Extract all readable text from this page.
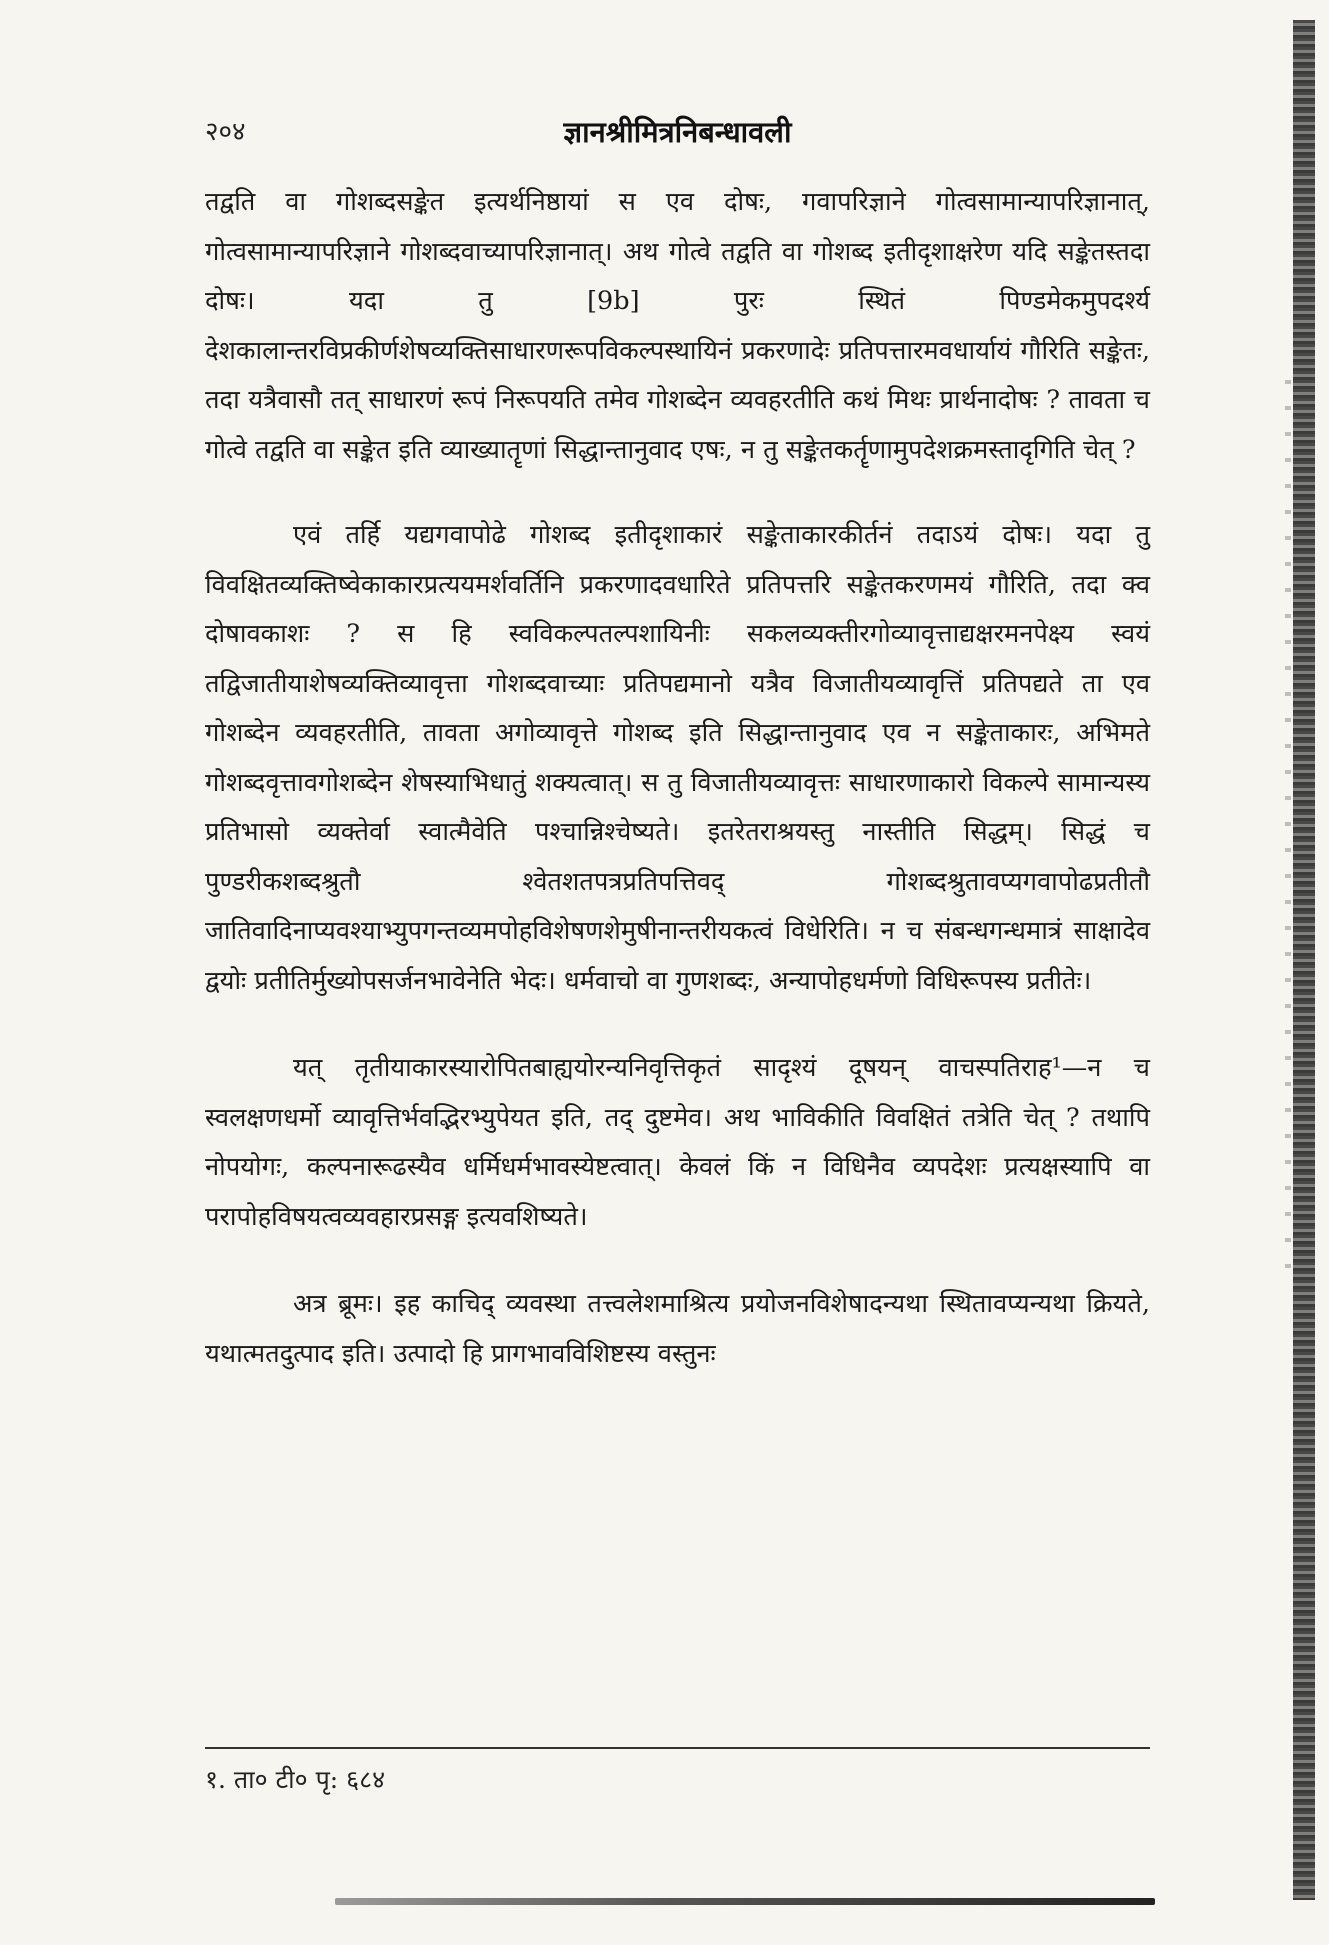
२०४	ज्ञानश्रीमित्रनिबन्धावली

तद्वति वा गोशब्दसङ्केत इत्यर्थनिष्ठायां स एव दोषः, गवापरिज्ञाने गोत्वसामान्यापरिज्ञानात्, गोत्वसामान्यापरिज्ञाने गोशब्दवाच्यापरिज्ञानात्। अथ गोत्वे तद्वति वा गोशब्द इतीदृशाक्षरेण यदि सङ्केतस्तदा दोषः। यदा तु [9b] पुरः स्थितं पिण्डमेकमुपदर्श्य देशकालान्तरविप्रकीर्णशेषव्यक्तिसाधारणरूपविकल्पस्थायिनं प्रकरणादेः प्रतिपत्तारमवधार्यायं गौरिति सङ्केतः, तदा यत्रैवासौ तत् साधारणं रूपं निरूपयति तमेव गोशब्देन व्यवहरतीति कथं मिथः प्रार्थनादोषः ? तावता च गोत्वे तद्वति वा सङ्केत इति व्याख्यातॄणां सिद्धान्तानुवाद एषः, न तु सङ्केतकर्तॄणामुपदेशक्रमस्तादृगिति चेत् ?

एवं तर्हि यद्यगवापोढे गोशब्द इतीदृशाकारं सङ्केताकारकीर्तनं तदाऽयं दोषः। यदा तु विवक्षितव्यक्तिष्वेकाकारप्रत्ययमर्शवर्तिनि प्रकरणादवधारिते प्रतिपत्तरि सङ्केतकरणमयं गौरिति, तदा क्व दोषावकाशः ? स हि स्वविकल्पतल्पशायिनीः सकलव्यक्तीरगोव्यावृत्ताद्यक्षरमनपेक्ष्य स्वयं तद्विजातीयाशेषव्यक्तिव्यावृत्ता गोशब्दवाच्याः प्रतिपद्यमानो यत्रैव विजातीयव्यावृत्तिं प्रतिपद्यते ता एव गोशब्देन व्यवहरतीति, तावता अगोव्यावृत्ते गोशब्द इति सिद्धान्तानुवाद एव न सङ्केताकारः, अभिमते गोशब्दवृत्तावगोशब्देन शेषस्याभिधातुं शक्यत्वात्। स तु विजातीयव्यावृत्तः साधारणाकारो विकल्पे सामान्यस्य प्रतिभासो व्यक्तेर्वा स्वात्मैवेति पश्चान्निश्चेष्यते। इतरेतराश्रयस्तु नास्तीति सिद्धम्। सिद्धं च पुण्डरीकशब्दश्रुतौ श्वेतशतपत्रप्रतिपत्तिवद् गोशब्दश्रुतावप्यगवापोढप्रतीतौ जातिवादिनाप्यवश्याभ्युपगन्तव्यमपोहविशेषणशेमुषीनान्तरीयकत्वं विधेरिति। न च संबन्धगन्धमात्रं साक्षादेव द्वयोः प्रतीतिर्मुख्योपसर्जनभावेनेति भेदः। धर्मवाचो वा गुणशब्दः, अन्यापोहधर्मणो विधिरूपस्य प्रतीतेः।

यत् तृतीयाकारस्यारोपितबाह्ययोरन्यनिवृत्तिकृतं सादृश्यं दूषयन् वाचस्पतिराह¹—न च स्वलक्षणधर्मो व्यावृत्तिर्भवद्भिरभ्युपेयत इति, तद् दुष्टमेव। अथ भाविकीति विवक्षितं तत्रेति चेत् ? तथापि नोपयोगः, कल्पनारूढस्यैव धर्मिधर्मभावस्येष्टत्वात्। केवलं किं न विधिनैव व्यपदेशः प्रत्यक्षस्यापि वा परापोहविषयत्वव्यवहारप्रसङ्ग इत्यवशिष्यते।

अत्र ब्रूमः। इह काचिद् व्यवस्था तत्त्वलेशमाश्रित्य प्रयोजनविशेषादन्यथा स्थितावप्यन्यथा क्रियते, यथात्मतदुत्पाद इति। उत्पादो हि प्रागभावविशिष्टस्य वस्तुनः

१. ता० टी० पृ: ६८४
